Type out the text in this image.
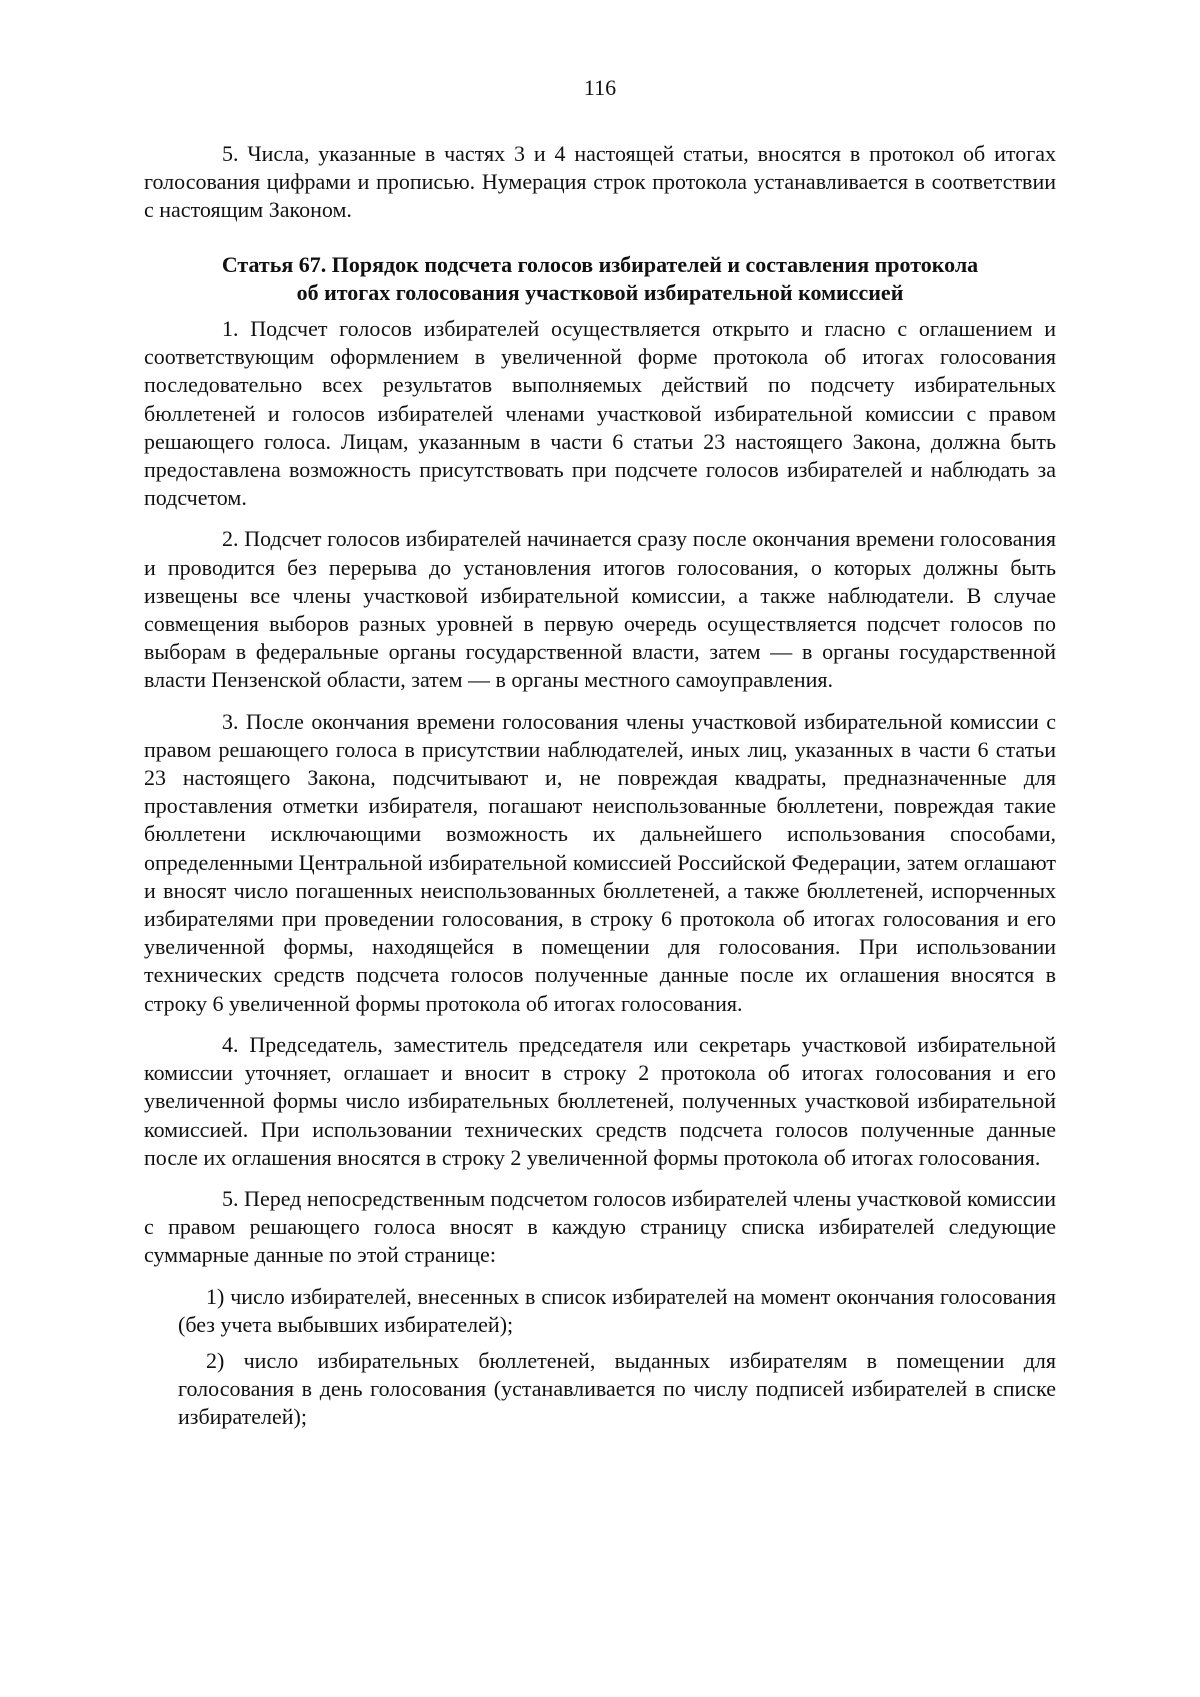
116

5. Числа, указанные в частях 3 и 4 настоящей статьи, вносятся в протокол об итогах голосования цифрами и прописью. Нумерация строк протокола устанавливается в соответствии с настоящим Законом.

Статья 67. Порядок подсчета голосов избирателей и составления протокола
об итогах голосования участковой избирательной комиссией

1. Подсчет голосов избирателей осуществляется открыто и гласно с оглашением и соответствующим оформлением в увеличенной форме протокола об итогах голосования последовательно всех результатов выполняемых действий по подсчету избирательных бюллетеней и голосов избирателей членами участковой избирательной комиссии с правом решающего голоса. Лицам, указанным в части 6 статьи 23 настоящего Закона, должна быть предоставлена возможность присутствовать при подсчете голосов избирателей и наблюдать за подсчетом.

2. Подсчет голосов избирателей начинается сразу после окончания времени голосования и проводится без перерыва до установления итогов голосования, о которых должны быть извещены все члены участковой избирательной комиссии, а также наблюдатели. В случае совмещения выборов разных уровней в первую очередь осуществляется подсчет голосов по выборам в федеральные органы государственной власти, затем — в органы государственной власти Пензенской области, затем — в органы местного самоуправления.

3. После окончания времени голосования члены участковой избирательной комиссии с правом решающего голоса в присутствии наблюдателей, иных лиц, указанных в части 6 статьи 23 настоящего Закона, подсчитывают и, не повреждая квадраты, предназначенные для проставления отметки избирателя, погашают неиспользованные бюллетени, повреждая такие бюллетени исключающими возможность их дальнейшего использования способами, определенными Центральной избирательной комиссией Российской Федерации, затем оглашают и вносят число погашенных неиспользованных бюллетеней, а также бюллетеней, испорченных избирателями при проведении голосования, в строку 6 протокола об итогах голосования и его увеличенной формы, находящейся в помещении для голосования. При использовании технических средств подсчета голосов полученные данные после их оглашения вносятся в строку 6 увеличенной формы протокола об итогах голосования.

4. Председатель, заместитель председателя или секретарь участковой избирательной комиссии уточняет, оглашает и вносит в строку 2 протокола об итогах голосования и его увеличенной формы число избирательных бюллетеней, полученных участковой избирательной комиссией. При использовании технических средств подсчета голосов полученные данные после их оглашения вносятся в строку 2 увеличенной формы протокола об итогах голосования.

5. Перед непосредственным подсчетом голосов избирателей члены участковой комиссии с правом решающего голоса вносят в каждую страницу списка избирателей следующие суммарные данные по этой странице:

1) число избирателей, внесенных в список избирателей на момент окончания голосования (без учета выбывших избирателей);

2) число избирательных бюллетеней, выданных избирателям в помещении для голосования в день голосования (устанавливается по числу подписей избирателей в списке избирателей);
